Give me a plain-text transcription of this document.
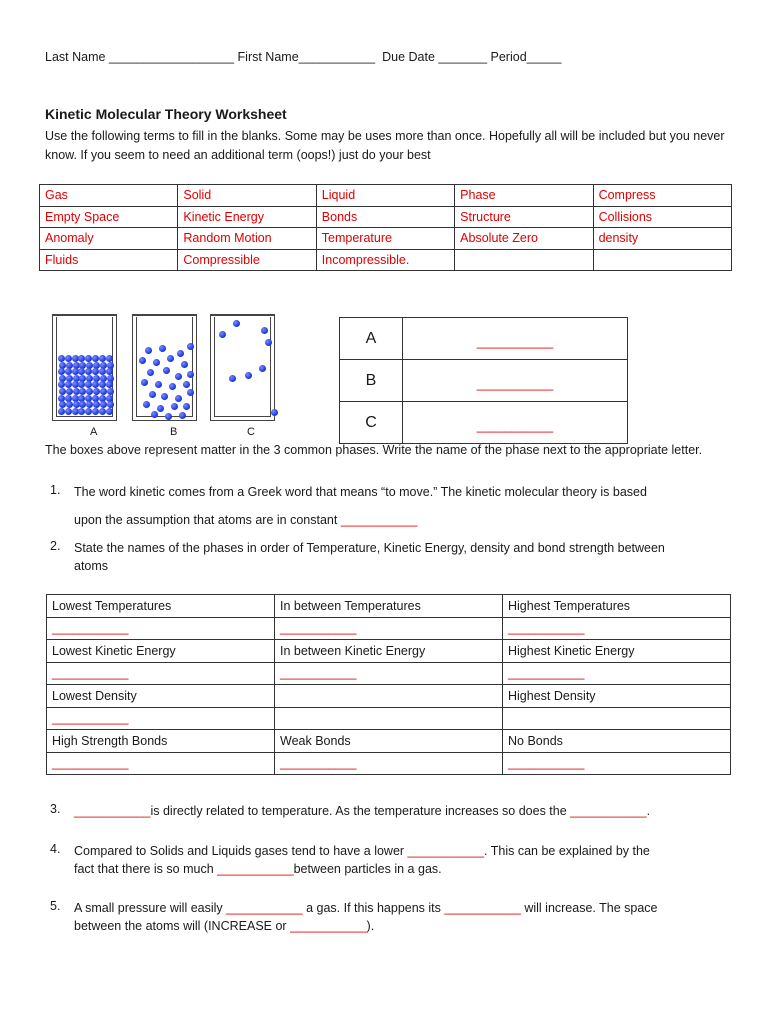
Last Name __________________ First Name___________  Due Date _______ Period_____
Kinetic Molecular Theory Worksheet
Use the following terms to fill in the blanks. Some may be uses more than once. Hopefully all will be included but you never know. If you seem to need an additional term (oops!) just do your best
Gas	Solid	Liquid	Phase	Compress
Empty Space	Kinetic Energy	Bonds	Structure	Collisions
Anomaly	Random Motion	Temperature	Absolute Zero	density
Fluids	Compressible	Incompressible.		
A	B	C
A	___________
B	___________
C	___________
The boxes above represent matter in the 3 common phases. Write the name of the phase next to the appropriate letter.
1. The word kinetic comes from a Greek word that means “to move.” The kinetic molecular theory is based
upon the assumption that atoms are in constant ___________
2. State the names of the phases in order of Temperature, Kinetic Energy, density and bond strength between atoms
Lowest Temperatures	In between Temperatures	Highest Temperatures
___________	___________	___________
Lowest Kinetic Energy	In between Kinetic Energy	Highest Kinetic Energy
___________	___________	___________
Lowest Density		Highest Density
___________		
High Strength Bonds	Weak Bonds	No Bonds
___________	___________	___________
3. ___________is directly related to temperature. As the temperature increases so does the ___________.
4. Compared to Solids and Liquids gases tend to have a lower ___________. This can be explained by the
fact that there is so much ___________between particles in a gas.
5. A small pressure will easily ___________ a gas. If this happens its ___________ will increase. The space
between the atoms will (INCREASE or ___________).
